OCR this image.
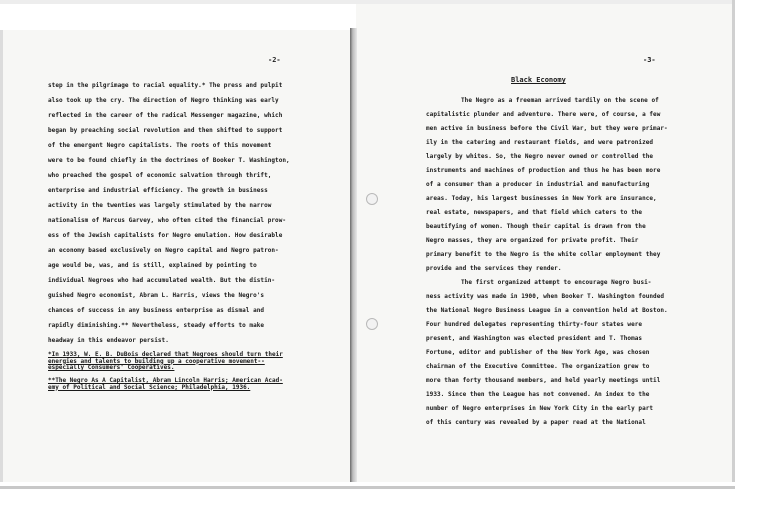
-2-
step in the pilgrimage to racial equality.* The press and pulpit
also took up the cry. The direction of Negro thinking was early
reflected in the career of the radical Messenger magazine, which
began by preaching social revolution and then shifted to support
of the emergent Negro capitalists. The roots of this movement
were to be found chiefly in the doctrines of Booker T. Washington,
who preached the gospel of economic salvation through thrift,
enterprise and industrial efficiency. The growth in business
activity in the twenties was largely stimulated by the narrow
nationalism of Marcus Garvey, who often cited the financial prow-
ess of the Jewish capitalists for Negro emulation. How desirable
an economy based exclusively on Negro capital and Negro patron-
age would be, was, and is still, explained by pointing to
individual Negroes who had accumulated wealth. But the distin-
guished Negro economist, Abram L. Harris, views the Negro's
chances of success in any business enterprise as dismal and
rapidly diminishing.** Nevertheless, steady efforts to make
headway in this endeavor persist.
*In 1933, W. E. B. DuBois declared that Negroes should turn their
energies and talents to building up a cooperative movement--
especially Consumers' Cooperatives.
**The Negro As A Capitalist, Abram Lincoln Harris; American Acad-
emy of Political and Social Science; Philadelphia, 1936.
-3-
Black Economy
The Negro as a freeman arrived tardily on the scene of
capitalistic plunder and adventure. There were, of course, a few
men active in business before the Civil War, but they were primar-
ily in the catering and restaurant fields, and were patronized
largely by whites. So, the Negro never owned or controlled the
instruments and machines of production and thus he has been more
of a consumer than a producer in industrial and manufacturing
areas. Today, his largest businesses in New York are insurance,
real estate, newspapers, and that field which caters to the
beautifying of women. Though their capital is drawn from the
Negro masses, they are organized for private profit. Their
primary benefit to the Negro is the white collar employment they
provide and the services they render.
The first organized attempt to encourage Negro busi-
ness activity was made in 1900, when Booker T. Washington founded
the National Negro Business League in a convention held at Boston.
Four hundred delegates representing thirty-four states were
present, and Washington was elected president and T. Thomas
Fortune, editor and publisher of the New York Age, was chosen
chairman of the Executive Committee. The organization grew to
more than forty thousand members, and held yearly meetings until
1933. Since then the League has not convened. An index to the
number of Negro enterprises in New York City in the early part
of this century was revealed by a paper read at the National
